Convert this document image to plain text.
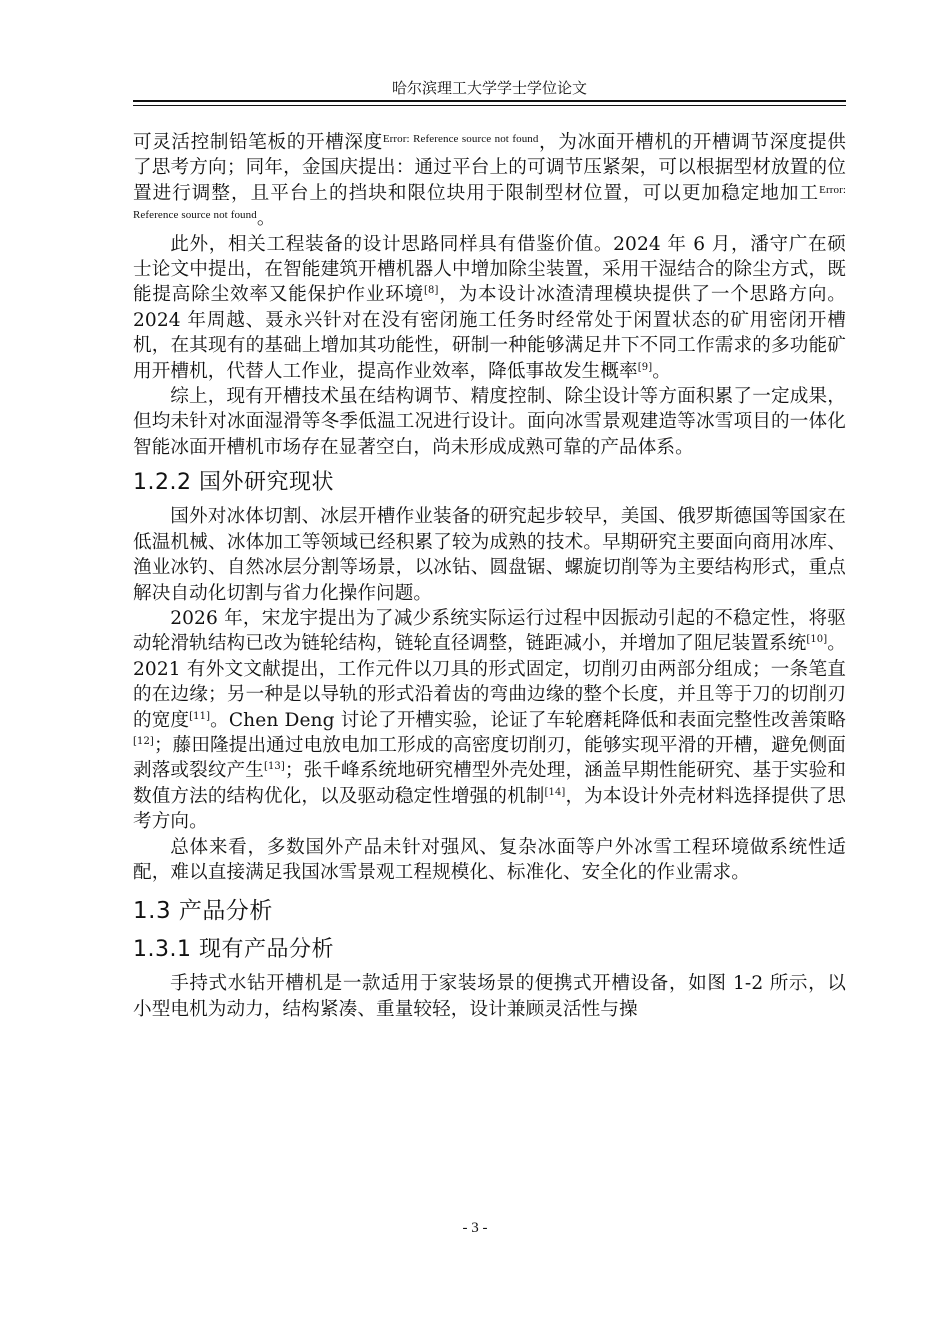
哈尔滨理工大学学士学位论文

可灵活控制铅笔板的开槽深度$^{Error: Reference source not found}$，为冰面开槽机的开槽调节深度提供了思考方向；同年，金国庆提出：通过平台上的可调节压紧架，可以根据型材放置的位置进行调整，且平台上的挡块和限位块用于限制型材位置，可以更加稳定地加工$^{Error: Reference source not found}$。

此外，相关工程装备的设计思路同样具有借鉴价值。2024 年 6 月，潘守广在硕士论文中提出，在智能建筑开槽机器人中增加除尘装置，采用干湿结合的除尘方式，既能提高除尘效率又能保护作业环境[8]，为本设计冰渣清理模块提供了一个思路方向。2024 年周越、聂永兴针对在没有密闭施工任务时经常处于闲置状态的矿用密闭开槽机，在其现有的基础上增加其功能性，研制一种能够满足井下不同工作需求的多功能矿用开槽机，代替人工作业，提高作业效率，降低事故发生概率[9]。

综上，现有开槽技术虽在结构调节、精度控制、除尘设计等方面积累了一定成果，但均未针对冰面湿滑等冬季低温工况进行设计。面向冰雪景观建造等冰雪项目的一体化智能冰面开槽机市场存在显著空白，尚未形成成熟可靠的产品体系。

1.2.2 国外研究现状

国外对冰体切割、冰层开槽作业装备的研究起步较早，美国、俄罗斯德国等国家在低温机械、冰体加工等领域已经积累了较为成熟的技术。早期研究主要面向商用冰库、渔业冰钓、自然冰层分割等场景，以冰钻、圆盘锯、螺旋切削等为主要结构形式，重点解决自动化切割与省力化操作问题。

2026 年，宋龙宇提出为了减少系统实际运行过程中因振动引起的不稳定性，将驱动轮滑轨结构已改为链轮结构，链轮直径调整，链距减小，并增加了阻尼装置系统[10]。2021 有外文文献提出，工作元件以刀具的形式固定，切削刃由两部分组成；一条笔直的在边缘；另一种是以导轨的形式沿着齿的弯曲边缘的整个长度，并且等于刀的切削刃的宽度[11]。Chen Deng 讨论了开槽实验，论证了车轮磨耗降低和表面完整性改善策略[12]；藤田隆提出通过电放电加工形成的高密度切削刃，能够实现平滑的开槽，避免侧面剥落或裂纹产生[13]；张千峰系统地研究槽型外壳处理，涵盖早期性能研究、基于实验和数值方法的结构优化，以及驱动稳定性增强的机制[14]，为本设计外壳材料选择提供了思考方向。

总体来看，多数国外产品未针对强风、复杂冰面等户外冰雪工程环境做系统性适配，难以直接满足我国冰雪景观工程规模化、标准化、安全化的作业需求。

1.3 产品分析
1.3.1 现有产品分析

手持式水钻开槽机是一款适用于家装场景的便携式开槽设备，如图 1-2 所示，以小型电机为动力，结构紧凑、重量较轻，设计兼顾灵活性与操

- 3 -
